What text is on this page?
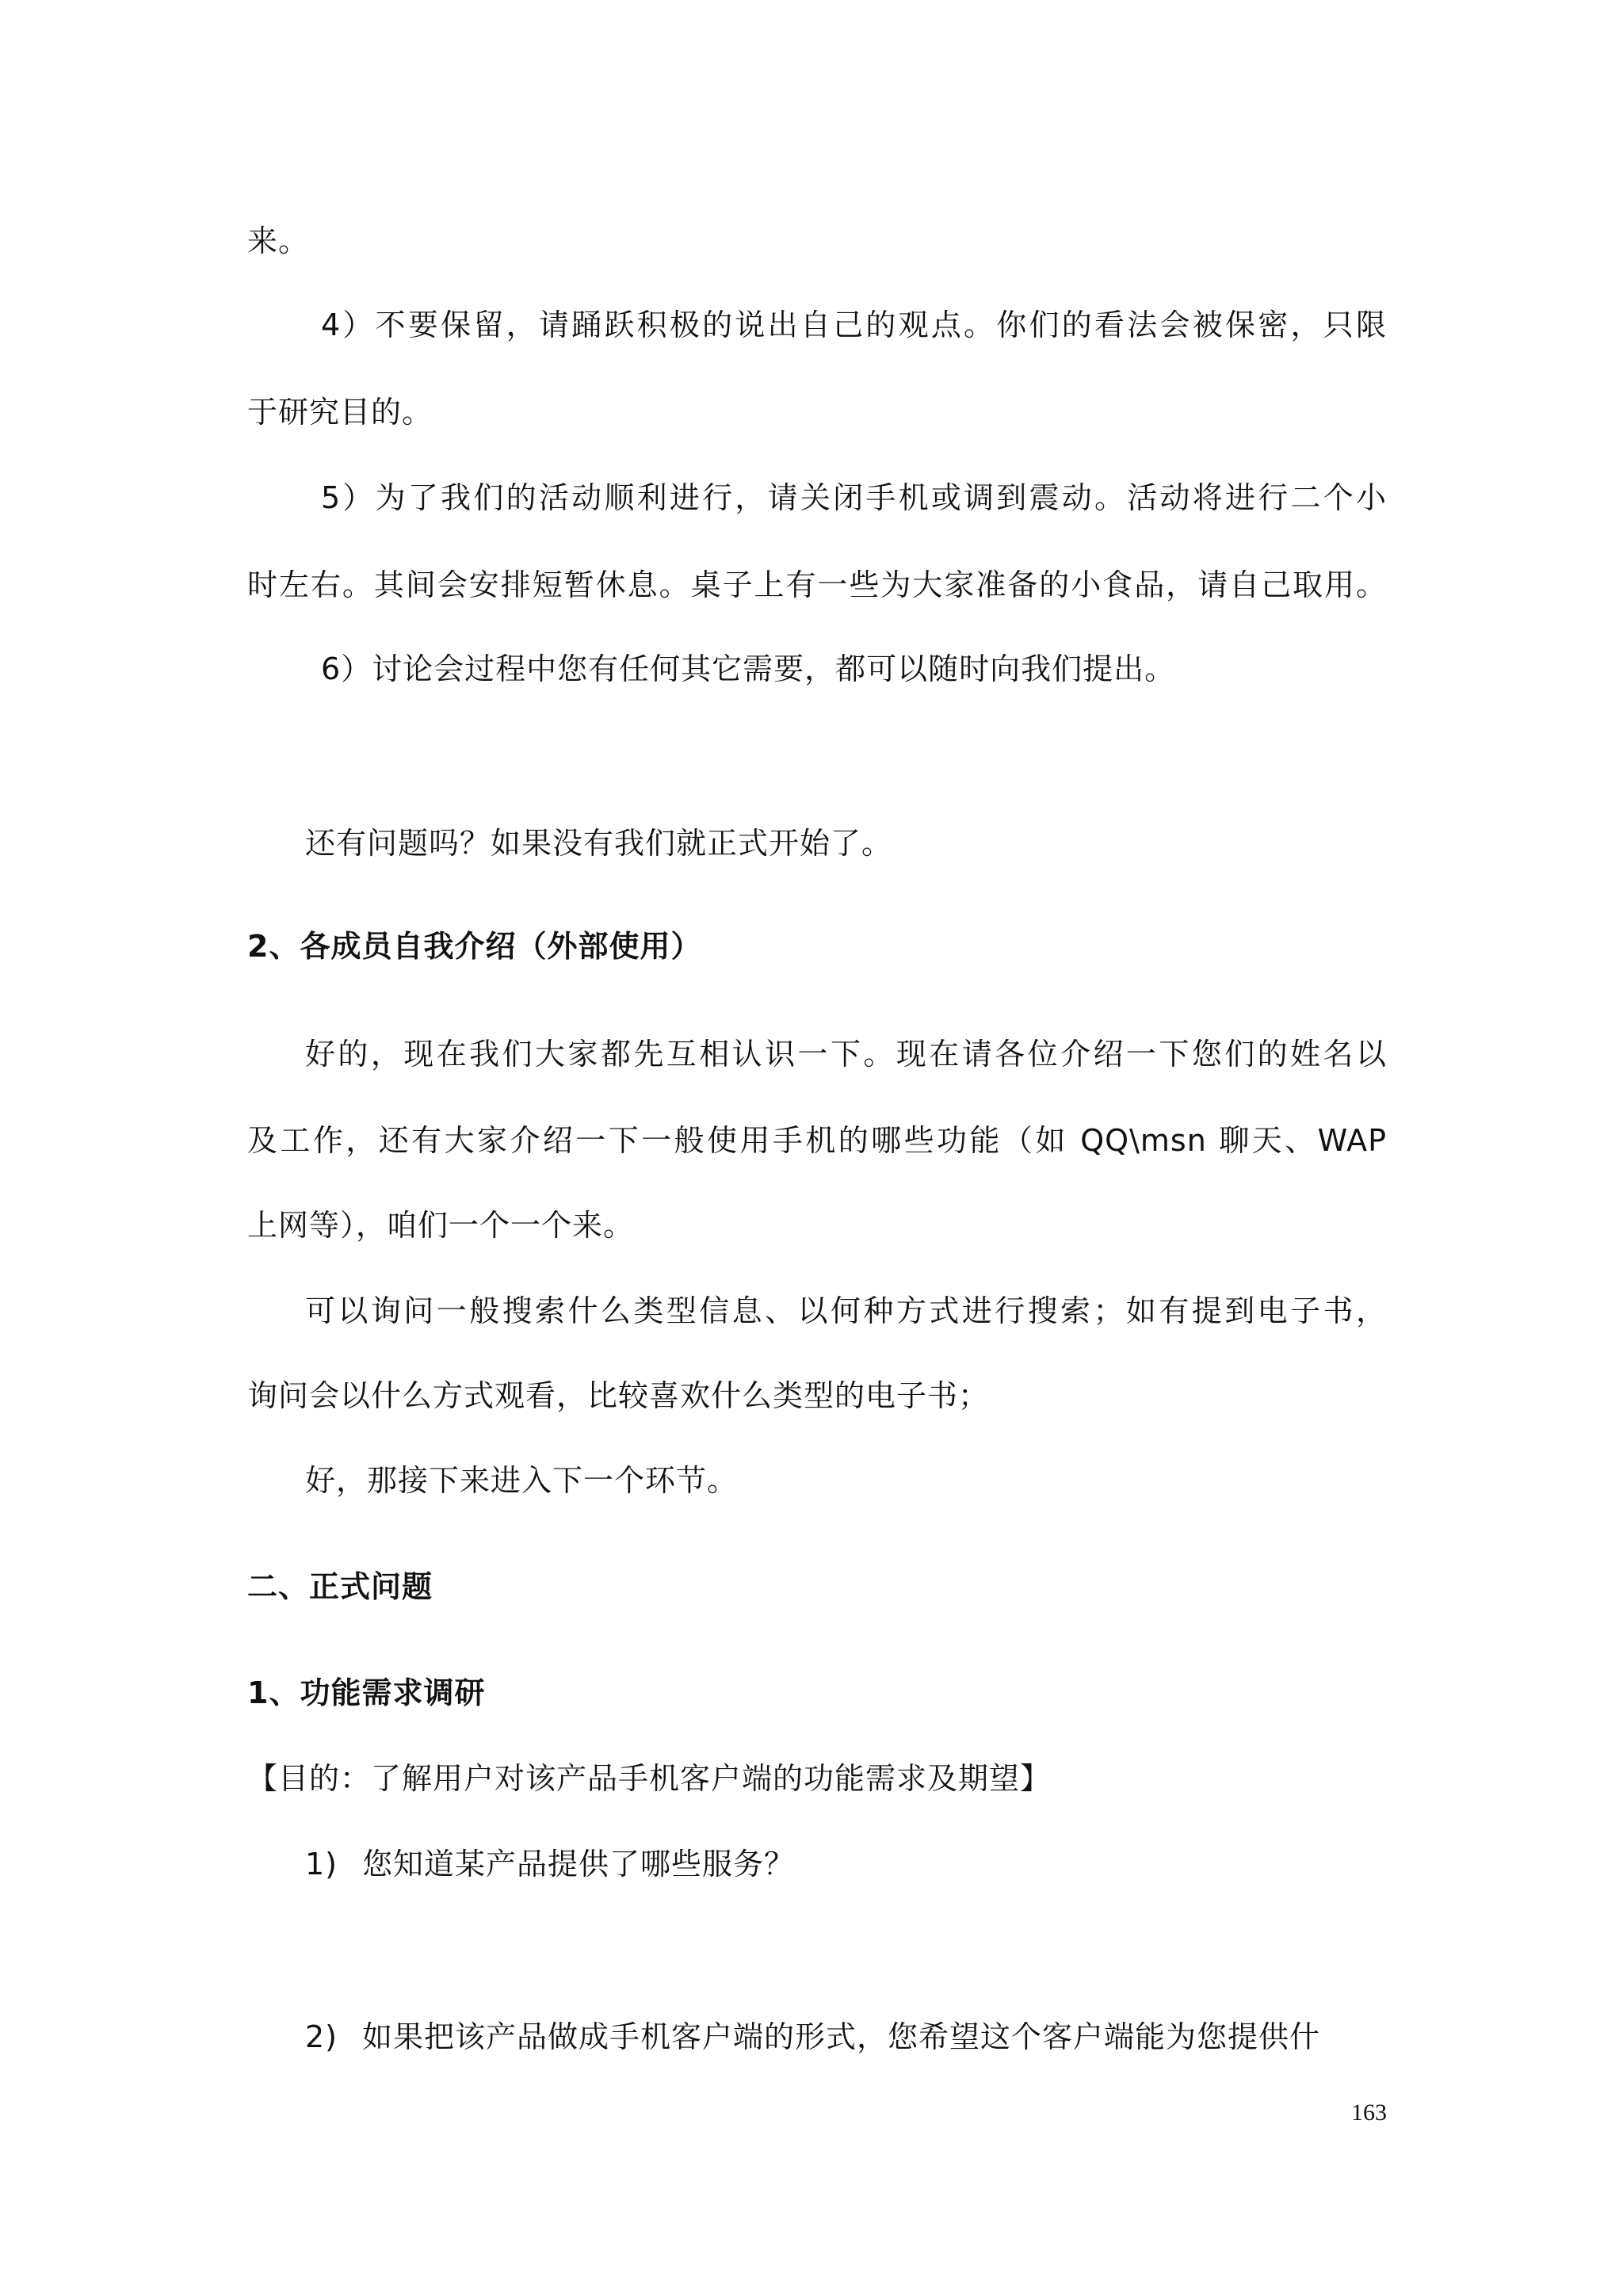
来。
4）不要保留，请踊跃积极的说出自己的观点。你们的看法会被保密，只限
于研究目的。
5）为了我们的活动顺利进行，请关闭手机或调到震动。活动将进行二个小
时左右。其间会安排短暂休息。桌子上有一些为大家准备的小食品，请自己取用。
6）讨论会过程中您有任何其它需要，都可以随时向我们提出。
还有问题吗？如果没有我们就正式开始了。
2、各成员自我介绍（外部使用）
好的，现在我们大家都先互相认识一下。现在请各位介绍一下您们的姓名以
及工作，还有大家介绍一下一般使用手机的哪些功能（如 QQ\msn 聊天、WAP
上网等），咱们一个一个来。
可以询问一般搜索什么类型信息、以何种方式进行搜索；如有提到电子书，
询问会以什么方式观看，比较喜欢什么类型的电子书；
好，那接下来进入下一个环节。
二、正式问题
1、功能需求调研
【目的：了解用户对该产品手机客户端的功能需求及期望】
1) 您知道某产品提供了哪些服务？
2) 如果把该产品做成手机客户端的形式，您希望这个客户端能为您提供什
163
